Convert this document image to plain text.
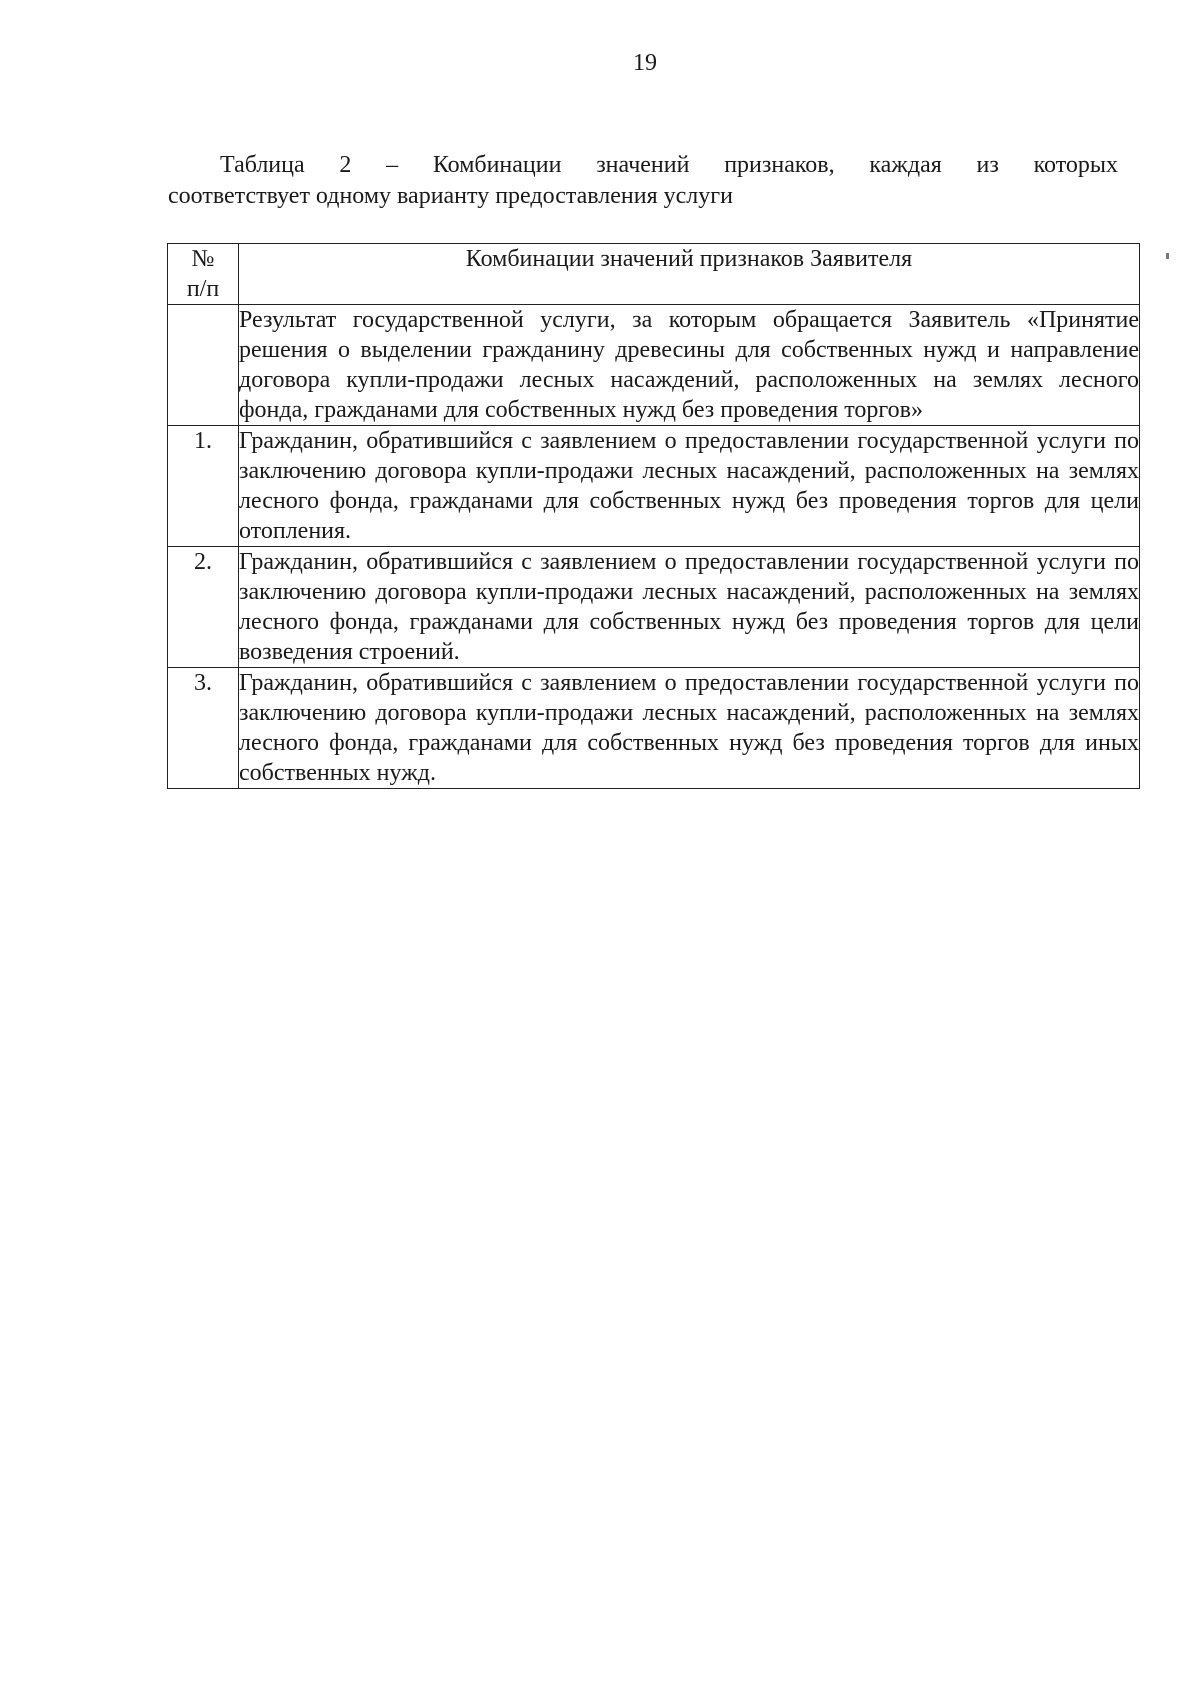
19
Таблица 2 – Комбинации значений признаков, каждая из которых
соответствует одному варианту предоставления услуги
№
п/п	Комбинации значений признаков Заявителя
	Результат государственной услуги, за которым обращается Заявитель «Принятие решения о выделении гражданину древесины для собственных нужд и направление договора купли-продажи лесных насаждений, расположенных на землях лесного фонда, гражданами для собственных нужд без проведения торгов»
1.	Гражданин, обратившийся с заявлением о предоставлении государственной услуги по заключению договора купли-продажи лесных насаждений, расположенных на землях лесного фонда, гражданами для собственных нужд без проведения торгов для цели отопления.
2.	Гражданин, обратившийся с заявлением о предоставлении государственной услуги по заключению договора купли-продажи лесных насаждений, расположенных на землях лесного фонда, гражданами для собственных нужд без проведения торгов для цели возведения строений.
3.	Гражданин, обратившийся с заявлением о предоставлении государственной услуги по заключению договора купли-продажи лесных насаждений, расположенных на землях лесного фонда, гражданами для собственных нужд без проведения торгов для иных собственных нужд.
